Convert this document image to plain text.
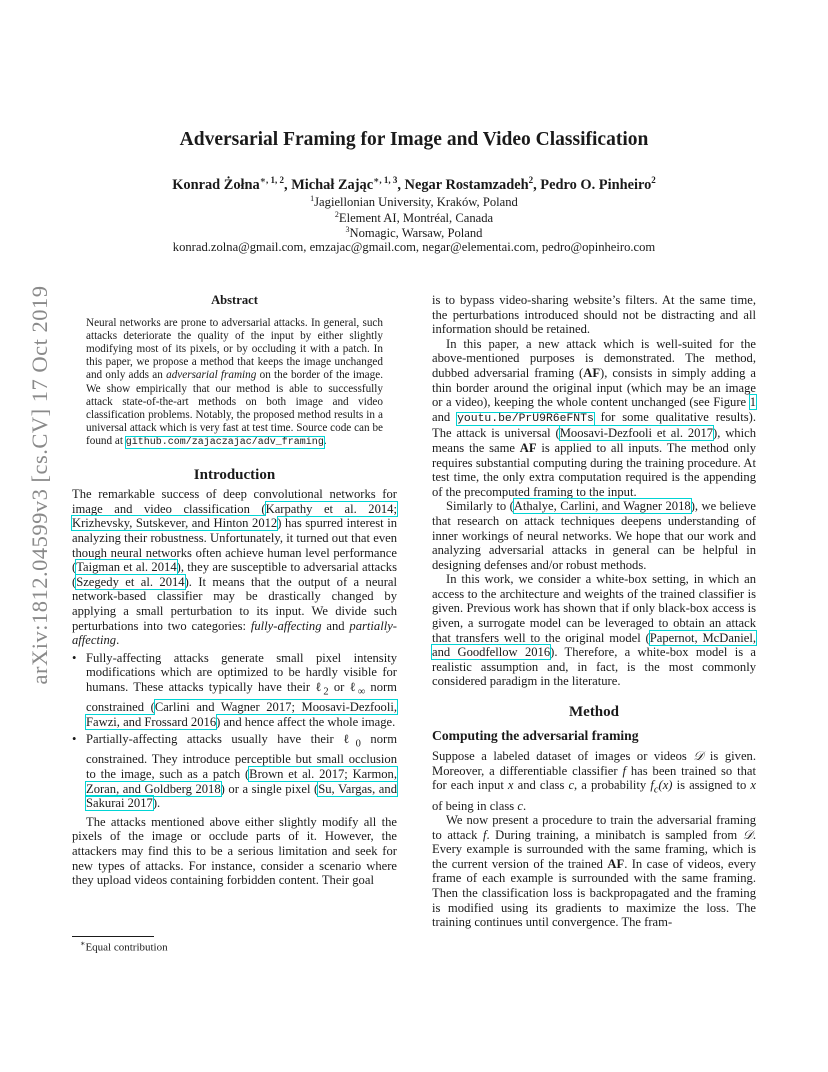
arXiv:1812.04599v3 [cs.CV] 17 Oct 2019
Adversarial Framing for Image and Video Classification
Konrad Żołna$^{∗, 1, 2}$, Michał Zając$^{∗, 1, 3}$, Negar Rostamzadeh$^2$, Pedro O. Pinheiro$^2$
$^1$Jagiellonian University, Kraków, Poland
$^2$Element AI, Montréal, Canada
$^3$Nomagic, Warsaw, Poland
konrad.zolna@gmail.com, emzajac@gmail.com, negar@elementai.com, pedro@opinheiro.com
Abstract

Neural networks are prone to adversarial attacks. In general, such attacks deteriorate the quality of the input by either slightly modifying most of its pixels, or by occluding it with a patch. In this paper, we propose a method that keeps the image unchanged and only adds an adversarial framing on the border of the image. We show empirically that our method is able to successfully attack state-of-the-art methods on both image and video classification problems. Notably, the proposed method results in a universal attack which is very fast at test time. Source code can be found at github.com/zajaczajac/adv_framing.

Introduction

The remarkable success of deep convolutional networks for image and video classification (Karpathy et al. 2014; Krizhevsky, Sutskever, and Hinton 2012) has spurred interest in analyzing their robustness. Unfortunately, it turned out that even though neural networks often achieve human level performance (Taigman et al. 2014), they are susceptible to adversarial attacks (Szegedy et al. 2014). It means that the output of a neural network-based classifier may be drastically changed by applying a small perturbation to its input. We divide such perturbations into two categories: fully-affecting and partially-affecting.

• Fully-affecting attacks generate small pixel intensity modifications which are optimized to be hardly visible for humans. These attacks typically have their ℓ$_2$ or ℓ$_\infty$ norm constrained (Carlini and Wagner 2017; Moosavi-Dezfooli, Fawzi, and Frossard 2016) and hence affect the whole image.
• Partially-affecting attacks usually have their ℓ$_0$ norm constrained. They introduce perceptible but small occlusion to the image, such as a patch (Brown et al. 2017; Karmon, Zoran, and Goldberg 2018) or a single pixel (Su, Vargas, and Sakurai 2017).

The attacks mentioned above either slightly modify all the pixels of the image or occlude parts of it. However, the attackers may find this to be a serious limitation and seek for new types of attacks. For instance, consider a scenario where they upload videos containing forbidden content. Their goal

is to bypass video-sharing website’s filters. At the same time, the perturbations introduced should not be distracting and all information should be retained.

In this paper, a new attack which is well-suited for the above-mentioned purposes is demonstrated. The method, dubbed adversarial framing (AF), consists in simply adding a thin border around the original input (which may be an image or a video), keeping the whole content unchanged (see Figure 1 and youtu.be/PrU9R6eFNTs for some qualitative results). The attack is universal (Moosavi-Dezfooli et al. 2017), which means the same AF is applied to all inputs. The method only requires substantial computing during the training procedure. At test time, the only extra computation required is the appending of the precomputed framing to the input.

Similarly to (Athalye, Carlini, and Wagner 2018), we believe that research on attack techniques deepens understanding of inner workings of neural networks. We hope that our work and analyzing adversarial attacks in general can be helpful in designing defenses and/or robust methods.

In this work, we consider a white-box setting, in which an access to the architecture and weights of the trained classifier is given. Previous work has shown that if only black-box access is given, a surrogate model can be leveraged to obtain an attack that transfers well to the original model (Papernot, McDaniel, and Goodfellow 2016). Therefore, a white-box model is a realistic assumption and, in fact, is the most commonly considered paradigm in the literature.

Method
Computing the adversarial framing

Suppose a labeled dataset of images or videos 𝒟 is given. Moreover, a differentiable classifier f has been trained so that for each input x and class c, a probability $f_c(x)$ is assigned to x of being in class c.

We now present a procedure to train the adversarial framing to attack f. During training, a minibatch is sampled from 𝒟. Every example is surrounded with the same framing, which is the current version of the trained AF. In case of videos, every frame of each example is surrounded with the same framing. Then the classification loss is backpropagated and the framing is modified using its gradients to maximize the loss. The training continues until convergence. The fram-

∗Equal contribution
